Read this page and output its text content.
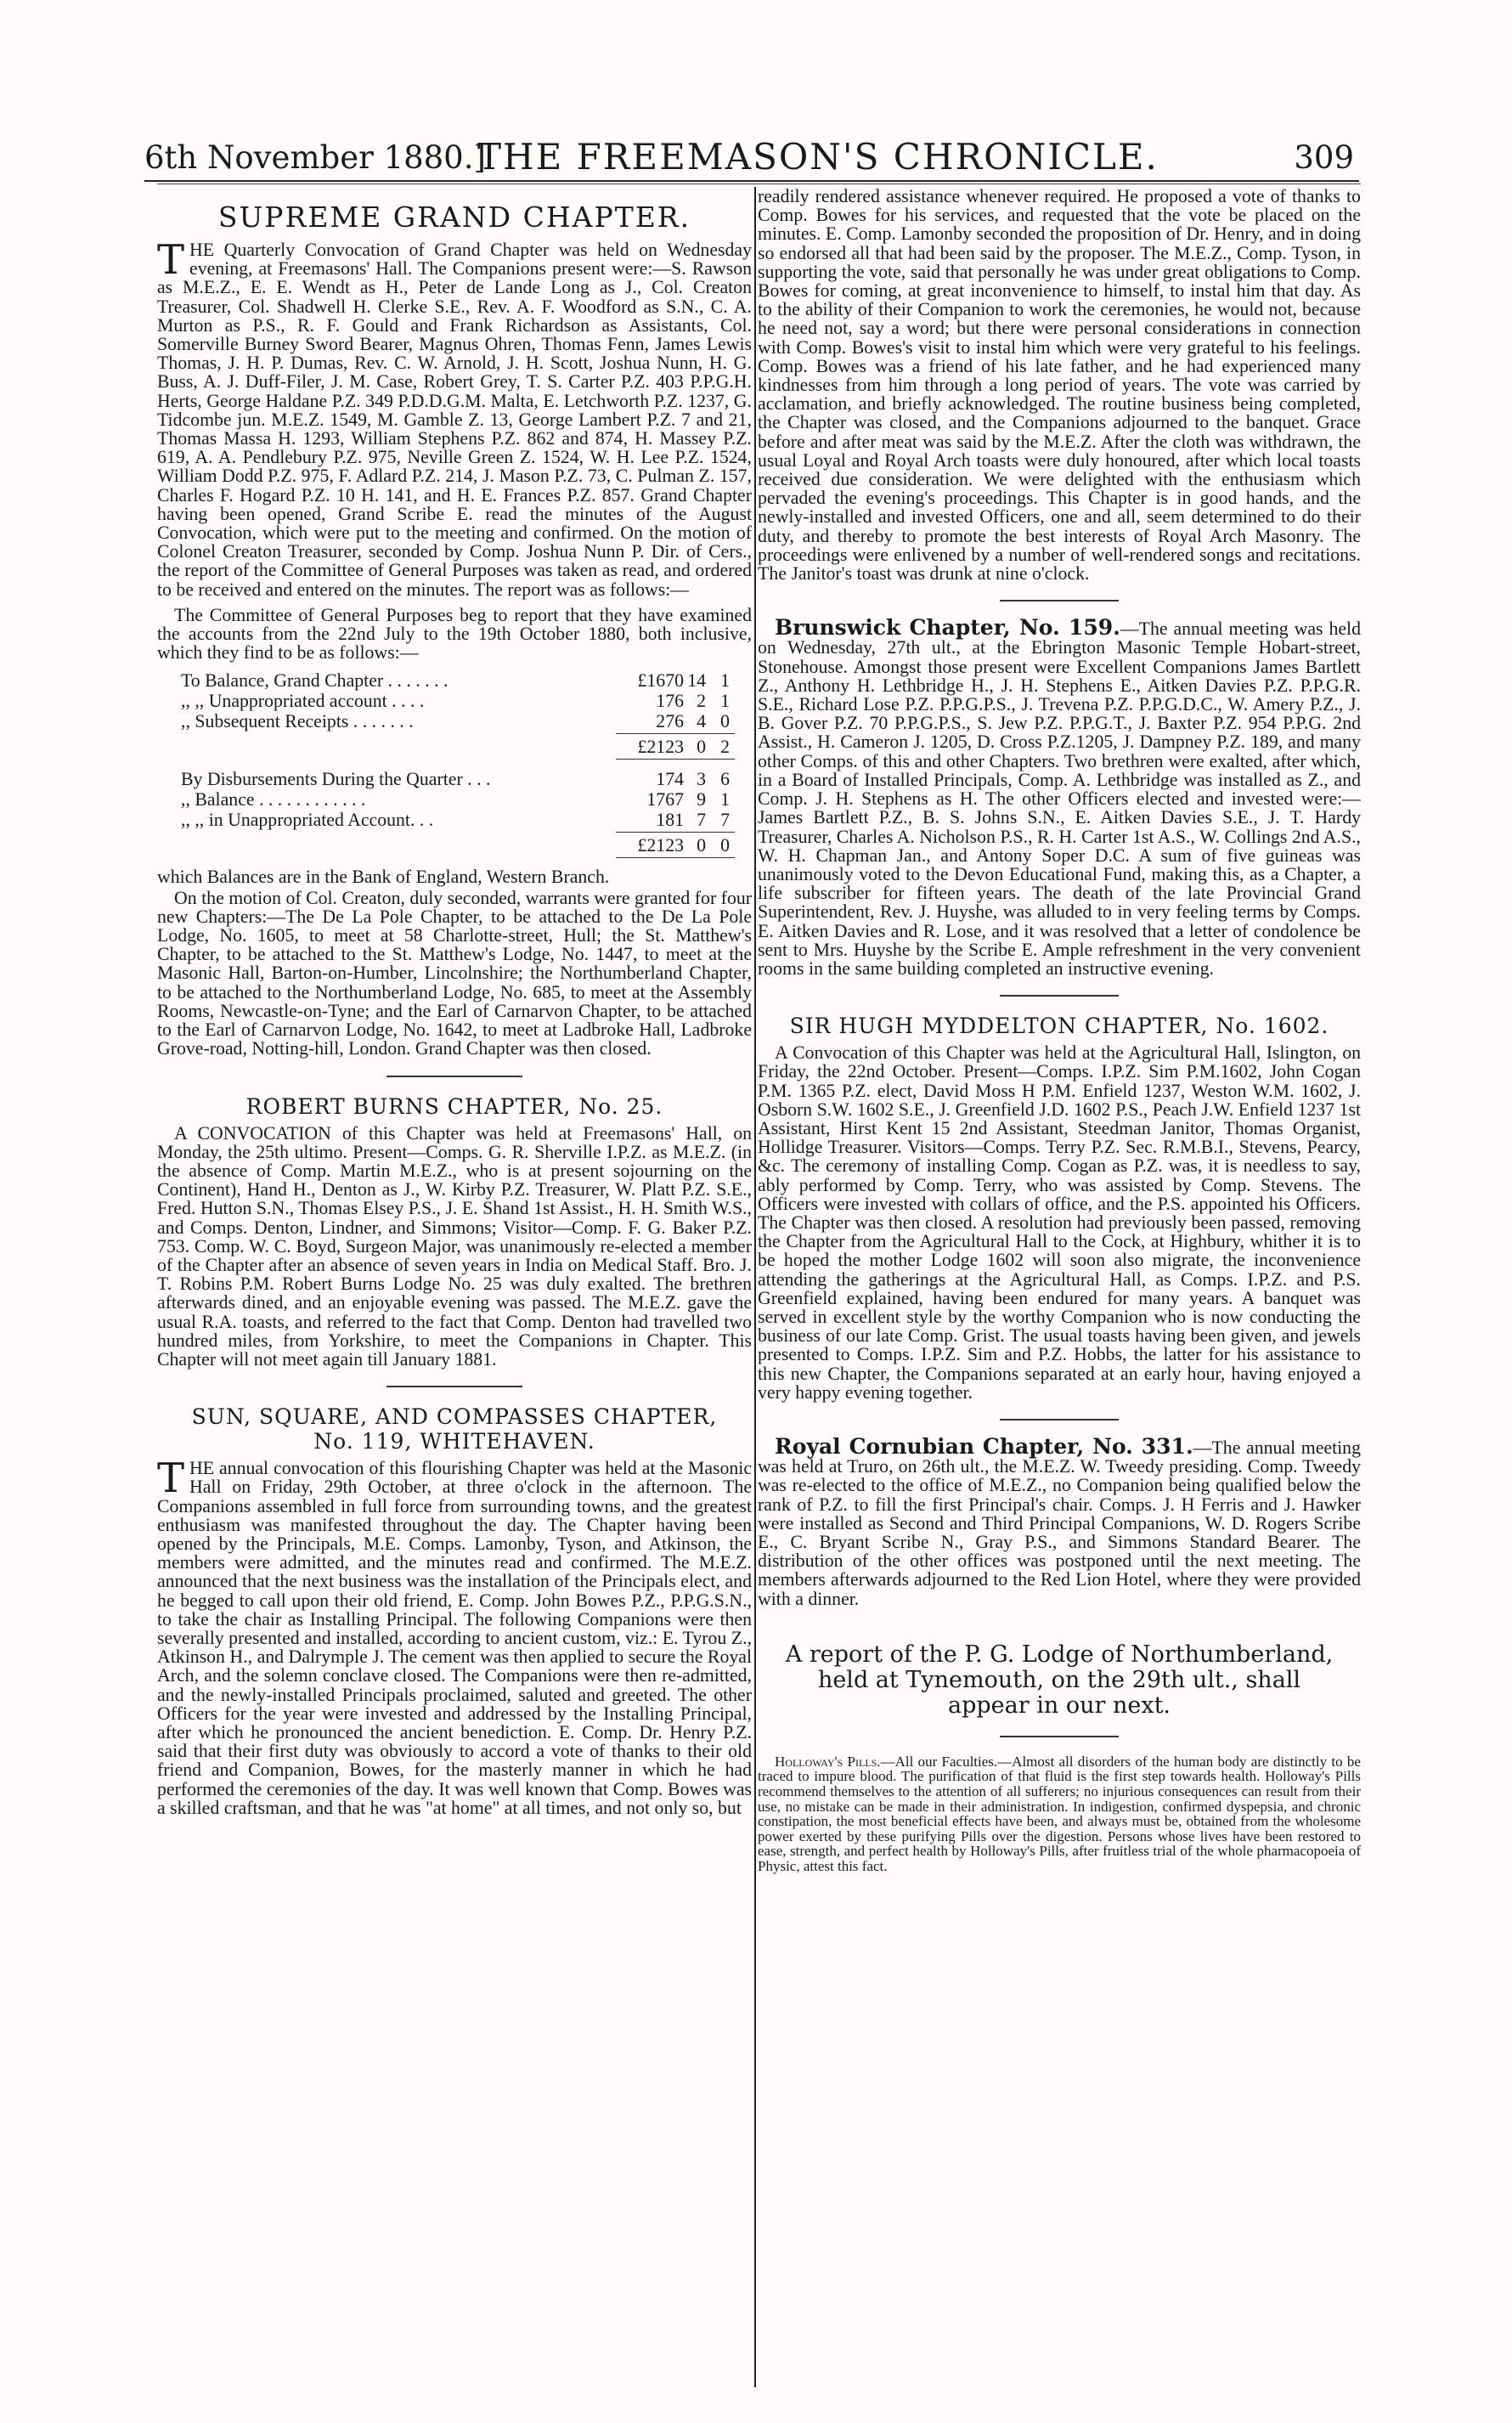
6th November 1880.]
THE FREEMASON'S CHRONICLE.	309
SUPREME GRAND CHAPTER.

THE Quarterly Convocation of Grand Chapter was held on Wednesday evening, at Freemasons' Hall. The Companions present were:—S. Rawson as M.E.Z., E. E. Wendt as H., Peter de Lande Long as J., Col. Creaton Treasurer, Col. Shadwell H. Clerke S.E., Rev. A. F. Woodford as S.N., C. A. Murton as P.S., R. F. Gould and Frank Richardson as Assistants, Col. Somerville Burney Sword Bearer, Magnus Ohren, Thomas Fenn, James Lewis Thomas, J. H. P. Dumas, Rev. C. W. Arnold, J. H. Scott, Joshua Nunn, H. G. Buss, A. J. Duff-Filer, J. M. Case, Robert Grey, T. S. Carter P.Z. 403 P.P.G.H. Herts, George Haldane P.Z. 349 P.D.D.G.M. Malta, E. Letchworth P.Z. 1237, G. Tidcombe jun. M.E.Z. 1549, M. Gamble Z. 13, George Lambert P.Z. 7 and 21, Thomas Massa H. 1293, William Stephens P.Z. 862 and 874, H. Massey P.Z. 619, A. A. Pendlebury P.Z. 975, Neville Green Z. 1524, W. H. Lee P.Z. 1524, William Dodd P.Z. 975, F. Adlard P.Z. 214, J. Mason P.Z. 73, C. Pulman Z. 157, Charles F. Hogard P.Z. 10 H. 141, and H. E. Frances P.Z. 857. Grand Chapter having been opened, Grand Scribe E. read the minutes of the August Convocation, which were put to the meeting and confirmed. On the motion of Colonel Creaton Treasurer, seconded by Comp. Joshua Nunn P. Dir. of Cers., the report of the Committee of General Purposes was taken as read, and ordered to be received and entered on the minutes. The report was as follows:—

The Committee of General Purposes beg to report that they have examined the accounts from the 22nd July to the 19th October 1880, both inclusive, which they find to be as follows:—

To Balance, Grand Chapter . . . . . . .	£1670 14 1
,, ,, Unappropriated account . . . .	176 2 1
,, Subsequent Receipts . . . . . . .	276 4 0
£2123 0 2
By Disbursements During the Quarter . . .	174 3 6
,, Balance . . . . . . . . . . . .	1767 9 1
,, ,, in Unappropriated Account. . .	181 7 7
£2123 0 0

which Balances are in the Bank of England, Western Branch.

On the motion of Col. Creaton, duly seconded, warrants were granted for four new Chapters:—The De La Pole Chapter, to be attached to the De La Pole Lodge, No. 1605, to meet at 58 Charlotte-street, Hull; the St. Matthew's Chapter, to be attached to the St. Matthew's Lodge, No. 1447, to meet at the Masonic Hall, Barton-on-Humber, Lincolnshire; the Northumberland Chapter, to be attached to the Northumberland Lodge, No. 685, to meet at the Assembly Rooms, Newcastle-on-Tyne; and the Earl of Carnarvon Chapter, to be attached to the Earl of Carnarvon Lodge, No. 1642, to meet at Ladbroke Hall, Ladbroke Grove-road, Notting-hill, London. Grand Chapter was then closed.

ROBERT BURNS CHAPTER, No. 25.

A CONVOCATION of this Chapter was held at Freemasons' Hall, on Monday, the 25th ultimo. Present—Comps. G. R. Sherville I.P.Z. as M.E.Z. (in the absence of Comp. Martin M.E.Z., who is at present sojourning on the Continent), Hand H., Denton as J., W. Kirby P.Z. Treasurer, W. Platt P.Z. S.E., Fred. Hutton S.N., Thomas Elsey P.S., J. E. Shand 1st Assist., H. H. Smith W.S., and Comps. Denton, Lindner, and Simmons; Visitor—Comp. F. G. Baker P.Z. 753. Comp. W. C. Boyd, Surgeon Major, was unanimously re-elected a member of the Chapter after an absence of seven years in India on Medical Staff. Bro. J. T. Robins P.M. Robert Burns Lodge No. 25 was duly exalted. The brethren afterwards dined, and an enjoyable evening was passed. The M.E.Z. gave the usual R.A. toasts, and referred to the fact that Comp. Denton had travelled two hundred miles, from Yorkshire, to meet the Companions in Chapter. This Chapter will not meet again till January 1881.

SUN, SQUARE, AND COMPASSES CHAPTER,
No. 119, WHITEHAVEN.

THE annual convocation of this flourishing Chapter was held at the Masonic Hall on Friday, 29th October, at three o'clock in the afternoon. The Companions assembled in full force from surrounding towns, and the greatest enthusiasm was manifested throughout the day. The Chapter having been opened by the Principals, M.E. Comps. Lamonby, Tyson, and Atkinson, the members were admitted, and the minutes read and confirmed. The M.E.Z. announced that the next business was the installation of the Principals elect, and he begged to call upon their old friend, E. Comp. John Bowes P.Z., P.P.G.S.N., to take the chair as Installing Principal. The following Companions were then severally presented and installed, according to ancient custom, viz.: E. Tyrou Z., Atkinson H., and Dalrymple J. The cement was then applied to secure the Royal Arch, and the solemn conclave closed. The Companions were then re-admitted, and the newly-installed Principals proclaimed, saluted and greeted. The other Officers for the year were invested and addressed by the Installing Principal, after which he pronounced the ancient benediction. E. Comp. Dr. Henry P.Z. said that their first duty was obviously to accord a vote of thanks to their old friend and Companion, Bowes, for the masterly manner in which he had performed the ceremonies of the day. It was well known that Comp. Bowes was a skilled craftsman, and that he was "at home" at all times, and not only so, but

readily rendered assistance whenever required. He proposed a vote of thanks to Comp. Bowes for his services, and requested that the vote be placed on the minutes. E. Comp. Lamonby seconded the proposition of Dr. Henry, and in doing so endorsed all that had been said by the proposer. The M.E.Z., Comp. Tyson, in supporting the vote, said that personally he was under great obligations to Comp. Bowes for coming, at great inconvenience to himself, to instal him that day. As to the ability of their Companion to work the ceremonies, he would not, because he need not, say a word; but there were personal considerations in connection with Comp. Bowes's visit to instal him which were very grateful to his feelings. Comp. Bowes was a friend of his late father, and he had experienced many kindnesses from him through a long period of years. The vote was carried by acclamation, and briefly acknowledged. The routine business being completed, the Chapter was closed, and the Companions adjourned to the banquet. Grace before and after meat was said by the M.E.Z. After the cloth was withdrawn, the usual Loyal and Royal Arch toasts were duly honoured, after which local toasts received due consideration. We were delighted with the enthusiasm which pervaded the evening's proceedings. This Chapter is in good hands, and the newly-installed and invested Officers, one and all, seem determined to do their duty, and thereby to promote the best interests of Royal Arch Masonry. The proceedings were enlivened by a number of well-rendered songs and recitations. The Janitor's toast was drunk at nine o'clock.

Brunswick Chapter, No. 159.—The annual meeting was held on Wednesday, 27th ult., at the Ebrington Masonic Temple Hobart-street, Stonehouse. Amongst those present were Excellent Companions James Bartlett Z., Anthony H. Lethbridge H., J. H. Stephens E., Aitken Davies P.Z. P.P.G.R. S.E., Richard Lose P.Z. P.P.G.P.S., J. Trevena P.Z. P.P.G.D.C., W. Amery P.Z., J. B. Gover P.Z. 70 P.P.G.P.S., S. Jew P.Z. P.P.G.T., J. Baxter P.Z. 954 P.P.G. 2nd Assist., H. Cameron J. 1205, D. Cross P.Z.1205, J. Dampney P.Z. 189, and many other Comps. of this and other Chapters. Two brethren were exalted, after which, in a Board of Installed Principals, Comp. A. Lethbridge was installed as Z., and Comp. J. H. Stephens as H. The other Officers elected and invested were:—James Bartlett P.Z., B. S. Johns S.N., E. Aitken Davies S.E., J. T. Hardy Treasurer, Charles A. Nicholson P.S., R. H. Carter 1st A.S., W. Collings 2nd A.S., W. H. Chapman Jan., and Antony Soper D.C. A sum of five guineas was unanimously voted to the Devon Educational Fund, making this, as a Chapter, a life subscriber for fifteen years. The death of the late Provincial Grand Superintendent, Rev. J. Huyshe, was alluded to in very feeling terms by Comps. E. Aitken Davies and R. Lose, and it was resolved that a letter of condolence be sent to Mrs. Huyshe by the Scribe E. Ample refreshment in the very convenient rooms in the same building completed an instructive evening.

SIR HUGH MYDDELTON CHAPTER, No. 1602.

A Convocation of this Chapter was held at the Agricultural Hall, Islington, on Friday, the 22nd October. Present—Comps. I.P.Z. Sim P.M.1602, John Cogan P.M. 1365 P.Z. elect, David Moss H P.M. Enfield 1237, Weston W.M. 1602, J. Osborn S.W. 1602 S.E., J. Greenfield J.D. 1602 P.S., Peach J.W. Enfield 1237 1st Assistant, Hirst Kent 15 2nd Assistant, Steedman Janitor, Thomas Organist, Hollidge Treasurer. Visitors—Comps. Terry P.Z. Sec. R.M.B.I., Stevens, Pearcy, &c. The ceremony of installing Comp. Cogan as P.Z. was, it is needless to say, ably performed by Comp. Terry, who was assisted by Comp. Stevens. The Officers were invested with collars of office, and the P.S. appointed his Officers. The Chapter was then closed. A resolution had previously been passed, removing the Chapter from the Agricultural Hall to the Cock, at Highbury, whither it is to be hoped the mother Lodge 1602 will soon also migrate, the inconvenience attending the gatherings at the Agricultural Hall, as Comps. I.P.Z. and P.S. Greenfield explained, having been endured for many years. A banquet was served in excellent style by the worthy Companion who is now conducting the business of our late Comp. Grist. The usual toasts having been given, and jewels presented to Comps. I.P.Z. Sim and P.Z. Hobbs, the latter for his assistance to this new Chapter, the Companions separated at an early hour, having enjoyed a very happy evening together.

Royal Cornubian Chapter, No. 331.—The annual meeting was held at Truro, on 26th ult., the M.E.Z. W. Tweedy presiding. Comp. Tweedy was re-elected to the office of M.E.Z., no Companion being qualified below the rank of P.Z. to fill the first Principal's chair. Comps. J. H Ferris and J. Hawker were installed as Second and Third Principal Companions, W. D. Rogers Scribe E., C. Bryant Scribe N., Gray P.S., and Simmons Standard Bearer. The distribution of the other offices was postponed until the next meeting. The members afterwards adjourned to the Red Lion Hotel, where they were provided with a dinner.

A report of the P. G. Lodge of Northumberland, held at Tynemouth, on the 29th ult., shall appear in our next.

Holloway's Pills.—All our Faculties.—Almost all disorders of the human body are distinctly to be traced to impure blood. The purification of that fluid is the first step towards health. Holloway's Pills recommend themselves to the attention of all sufferers; no injurious consequences can result from their use, no mistake can be made in their administration. In indigestion, confirmed dyspepsia, and chronic constipation, the most beneficial effects have been, and always must be, obtained from the wholesome power exerted by these purifying Pills over the digestion. Persons whose lives have been restored to ease, strength, and perfect health by Holloway's Pills, after fruitless trial of the whole pharmacopoeia of Physic, attest this fact.
